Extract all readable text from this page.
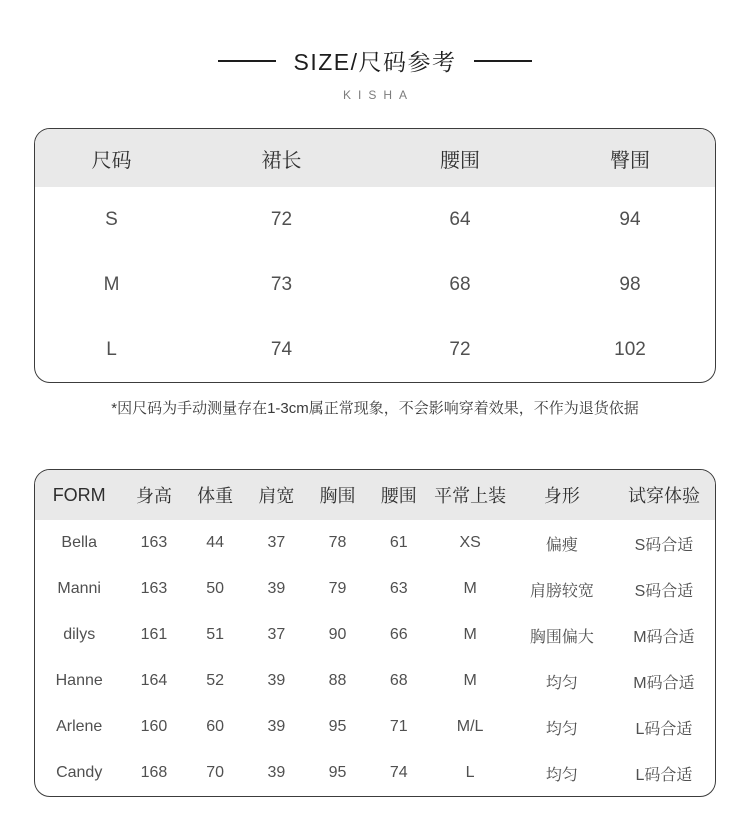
SIZE/尺码参考
KISHA
尺码	裙长	腰围	臀围
S	72	64	94
M	73	68	98
L	74	72	102

*因尺码为手动测量存在1-3cm属正常现象，不会影响穿着效果，不作为退货依据

FORM	身高	体重	肩宽	胸围	腰围	平常上装	身形	试穿体验
Bella	163	44	37	78	61	XS	偏瘦	S码合适
Manni	163	50	39	79	63	M	肩膀较宽	S码合适
dilys	161	51	37	90	66	M	胸围偏大	M码合适
Hanne	164	52	39	88	68	M	均匀	M码合适
Arlene	160	60	39	95	71	M/L	均匀	L码合适
Candy	168	70	39	95	74	L	均匀	L码合适
